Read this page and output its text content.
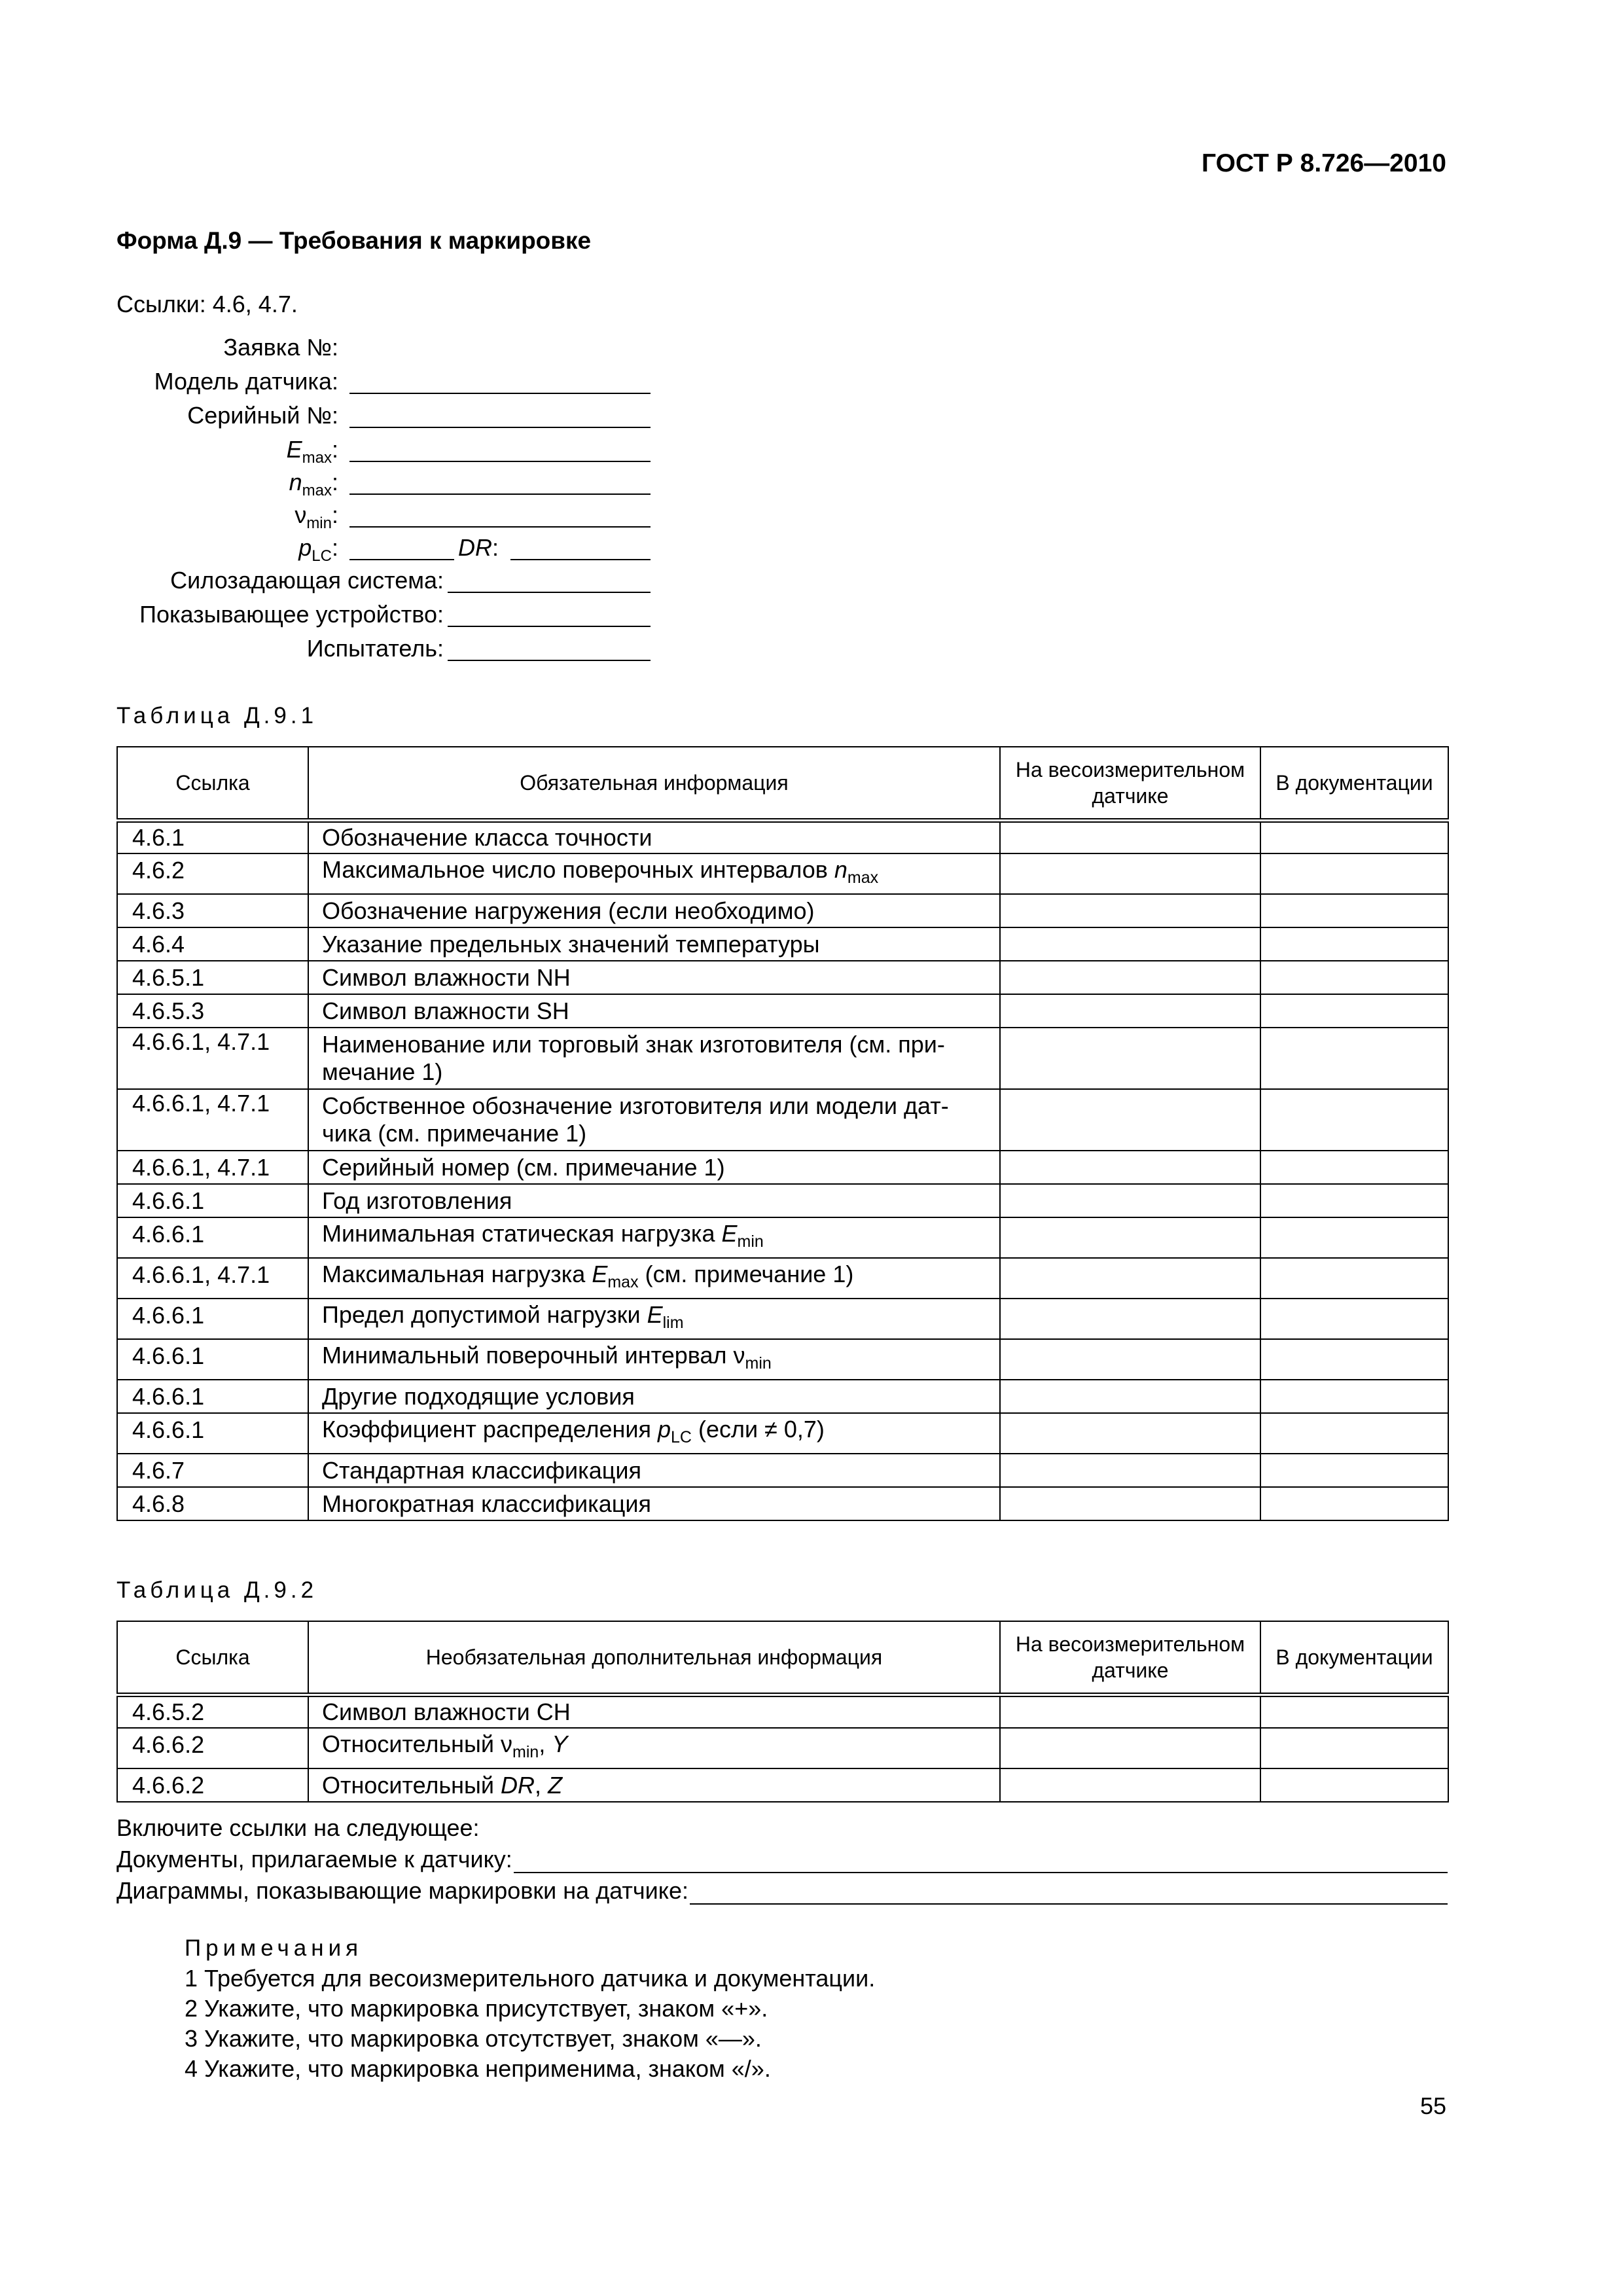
ГОСТ Р 8.726—2010
Форма Д.9 — Требования к маркировке
Ссылки: 4.6, 4.7.
Заявка №:
Модель датчика:
Серийный №:
$E_{max}$:
$n_{max}$:
$\nu_{min}$:
$p_{LC}$:	DR:
Силозадающая система:
Показывающее устройство:
Испытатель:
Таблица Д.9.1
Ссылка	Обязательная информация	На весоизмерительном датчике	В документации
4.6.1	Обозначение класса точности		
4.6.2	Максимальное число поверочных интервалов $n_{max}$		
4.6.3	Обозначение нагружения (если необходимо)		
4.6.4	Указание предельных значений температуры		
4.6.5.1	Символ влажности NH		
4.6.5.3	Символ влажности SH		
4.6.6.1, 4.7.1	Наименование или торговый знак изготовителя (см. при-
мечание 1)		
4.6.6.1, 4.7.1	Собственное обозначение изготовителя или модели дат-
чика (см. примечание 1)		
4.6.6.1, 4.7.1	Серийный номер (см. примечание 1)		
4.6.6.1	Год изготовления		
4.6.6.1	Минимальная статическая нагрузка $E_{min}$		
4.6.6.1, 4.7.1	Максимальная нагрузка $E_{max}$ (см. примечание 1)		
4.6.6.1	Предел допустимой нагрузки $E_{lim}$		
4.6.6.1	Минимальный поверочный интервал $\nu_{min}$		
4.6.6.1	Другие подходящие условия		
4.6.6.1	Коэффициент распределения $p_{LC}$ (если ≠ 0,7)		
4.6.7	Стандартная классификация		
4.6.8	Многократная классификация		
Таблица Д.9.2
Ссылка	Необязательная дополнительная информация	На весоизмерительном датчике	В документации
4.6.5.2	Символ влажности CH		
4.6.6.2	Относительный $\nu_{min}$, Y		
4.6.6.2	Относительный DR, Z		
Включите ссылки на следующее:
Документы, прилагаемые к датчику:
Диаграммы, показывающие маркировки на датчике:
Примечания
1 Требуется для весоизмерительного датчика и документации.
2 Укажите, что маркировка присутствует, знаком «+».
3 Укажите, что маркировка отсутствует, знаком «—».
4 Укажите, что маркировка неприменима, знаком «/».
55
